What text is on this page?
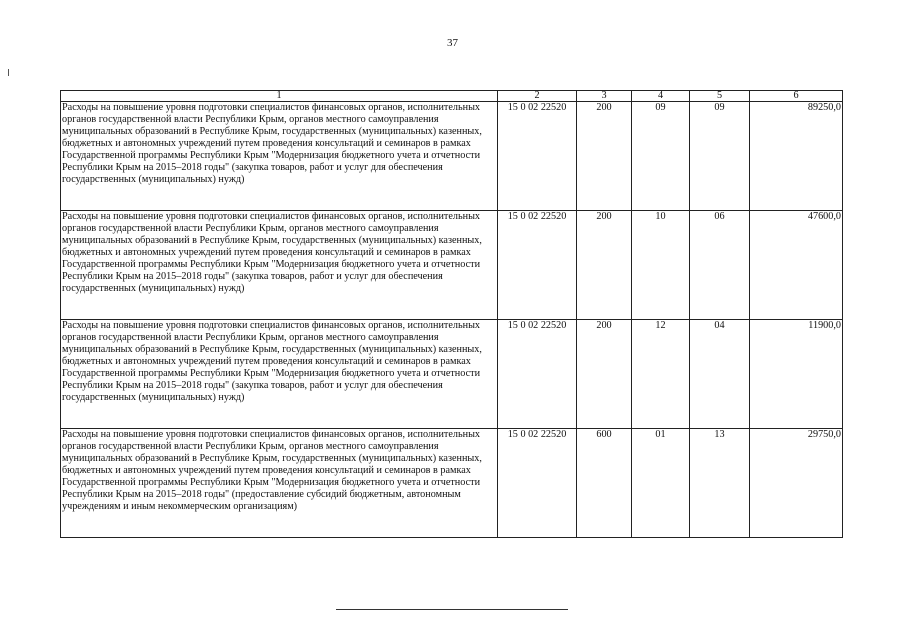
37
1	2	3	4	5	6
Расходы на повышение уровня подготовки специалистов финансовых органов, исполнительных органов государственной власти Республики Крым, органов местного самоуправления муниципальных образований в Республике Крым, государственных (муниципальных) казенных, бюджетных и автономных учреждений путем проведения консультаций и семинаров в рамках Государственной программы Республики Крым "Модернизация бюджетного учета и отчетности Республики Крым на 2015–2018 годы" (закупка товаров, работ и услуг для обеспечения государственных (муниципальных) нужд)	15 0 02 22520	200	09	09	89250,0
Расходы на повышение уровня подготовки специалистов финансовых органов, исполнительных органов государственной власти Республики Крым, органов местного самоуправления муниципальных образований в Республике Крым, государственных (муниципальных) казенных, бюджетных и автономных учреждений путем проведения консультаций и семинаров в рамках Государственной программы Республики Крым "Модернизация бюджетного учета и отчетности Республики Крым на 2015–2018 годы" (закупка товаров, работ и услуг для обеспечения государственных (муниципальных) нужд)	15 0 02 22520	200	10	06	47600,0
Расходы на повышение уровня подготовки специалистов финансовых органов, исполнительных органов государственной власти Республики Крым, органов местного самоуправления муниципальных образований в Республике Крым, государственных (муниципальных) казенных, бюджетных и автономных учреждений путем проведения консультаций и семинаров в рамках Государственной программы Республики Крым "Модернизация бюджетного учета и отчетности Республики Крым на 2015–2018 годы" (закупка товаров, работ и услуг для обеспечения государственных (муниципальных) нужд)	15 0 02 22520	200	12	04	11900,0
Расходы на повышение уровня подготовки специалистов финансовых органов, исполнительных органов государственной власти Республики Крым, органов местного самоуправления муниципальных образований в Республике Крым, государственных (муниципальных) казенных, бюджетных и автономных учреждений путем проведения консультаций и семинаров в рамках Государственной программы Республики Крым "Модернизация бюджетного учета и отчетности Республики Крым на 2015–2018 годы" (предоставление субсидий бюджетным, автономным учреждениям и иным некоммерческим организациям)	15 0 02 22520	600	01	13	29750,0
